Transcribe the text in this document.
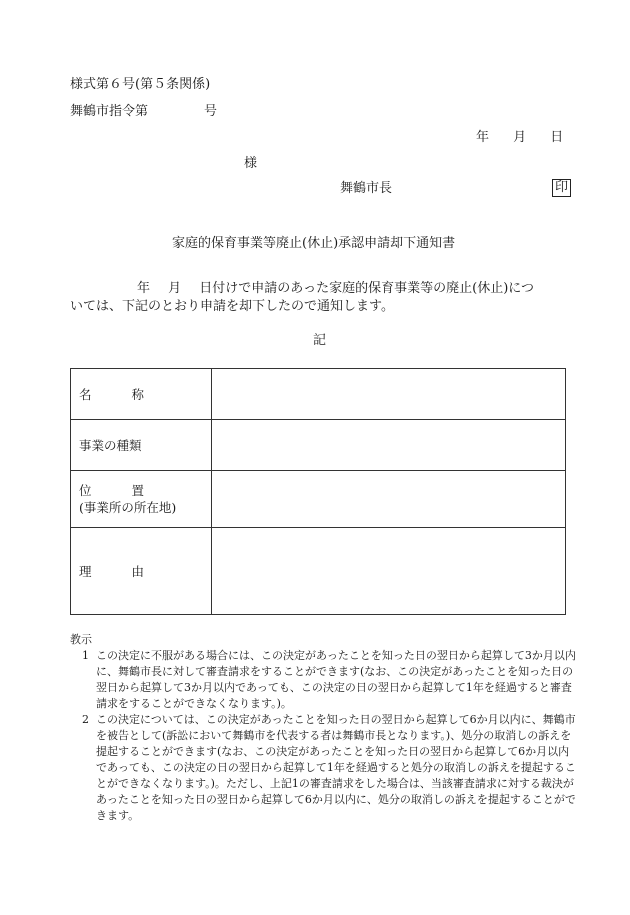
様式第６号(第５条関係)
舞鶴市指令第	号
年 月 日
様
舞鶴市長	印
家庭的保育事業等廃止(休止)承認申請却下通知書
年 月 日付けで申請のあった家庭的保育事業等の廃止(休止)につ
いては、下記のとおり申請を却下したので通知します。
記
名 称	
事業の種類	

位 置
(事業所の所在地)	

理 由	
教示
1 この決定に不服がある場合には、この決定があったことを知った日の翌日から起算して3か月以内に、舞鶴市長に対して審査請求をすることができます(なお、この決定があったことを知った日の翌日から起算して3か月以内であっても、この決定の日の翌日から起算して1年を経過すると審査請求をすることができなくなります。)。
2 この決定については、この決定があったことを知った日の翌日から起算して6か月以内に、舞鶴市を被告として(訴訟において舞鶴市を代表する者は舞鶴市長となります。)、処分の取消しの訴えを提起することができます(なお、この決定があったことを知った日の翌日から起算して6か月以内であっても、この決定の日の翌日から起算して1年を経過すると処分の取消しの訴えを提起することができなくなります。)。ただし、上記1の審査請求をした場合は、当該審査請求に対する裁決があったことを知った日の翌日から起算して6か月以内に、処分の取消しの訴えを提起することができます。
